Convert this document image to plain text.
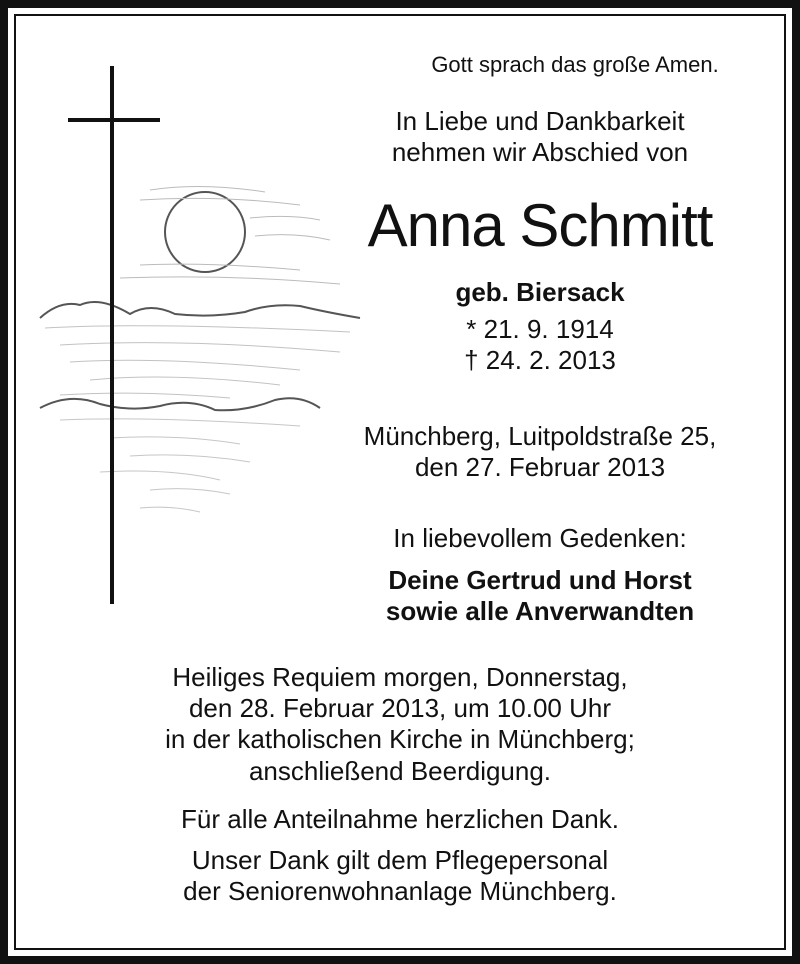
Gott sprach das große Amen.
In Liebe und Dankbarkeit
nehmen wir Abschied von
Anna Schmitt
geb. Biersack
* 21. 9. 1914
† 24. 2. 2013
Münchberg, Luitpoldstraße 25,
den 27. Februar 2013
In liebevollem Gedenken:
Deine Gertrud und Horst
sowie alle Anverwandten
Heiliges Requiem morgen, Donnerstag,
den 28. Februar 2013, um 10.00 Uhr
in der katholischen Kirche in Münchberg;
anschließend Beerdigung.
Für alle Anteilnahme herzlichen Dank.
Unser Dank gilt dem Pflegepersonal
der Seniorenwohnanlage Münchberg.
